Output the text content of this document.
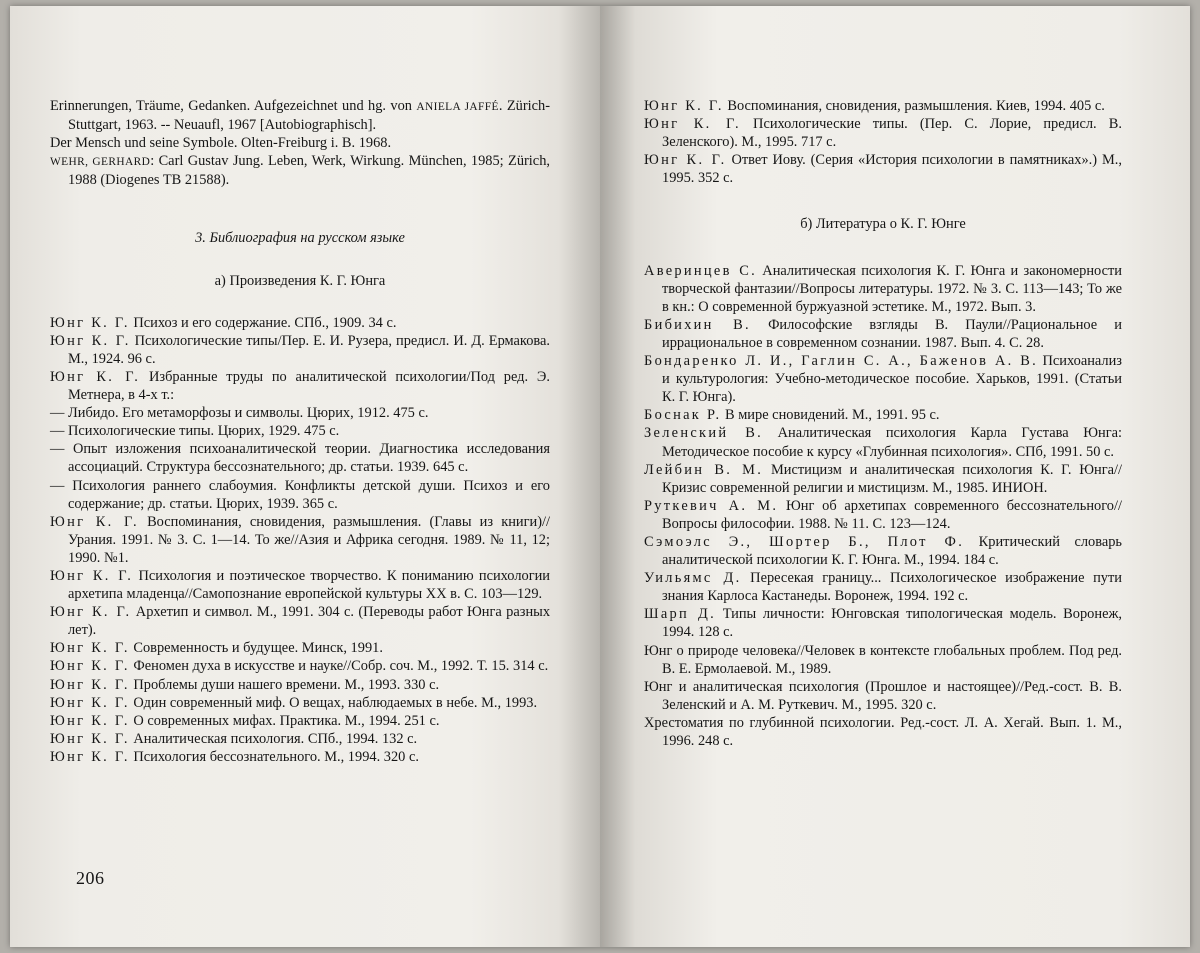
Erinnerungen, Träume, Gedanken. Aufgezeichnet und hg. von ANIELA JAFFÉ. Zürich-Stuttgart, 1963. -- Neuaufl, 1967 [Autobiographisch].
Der Mensch und seine Symbole. Olten-Freiburg i. B. 1968.
WEHR, GERHARD: Carl Gustav Jung. Leben, Werk, Wirkung. München, 1985; Zürich, 1988 (Diogenes TB 21588).
3. Библиография на русском языке
а) Произведения К. Г. Юнга
Юнг К. Г. Психоз и его содержание. СПб., 1909. 34 с.
Юнг К. Г. Психологические типы/Пер. Е. И. Рузера, предисл. И. Д. Ермакова. М., 1924. 96 с.
Юнг К. Г. Избранные труды по аналитической психологии/Под ред. Э. Метнера, в 4-х т.:
— Либидо. Его метаморфозы и символы. Цюрих, 1912. 475 с.
— Психологические типы. Цюрих, 1929. 475 с.
— Опыт изложения психоаналитической теории. Диагностика исследования ассоциаций. Структура бессознательного; др. статьи. 1939. 645 с.
— Психология раннего слабоумия. Конфликты детской души. Психоз и его содержание; др. статьи. Цюрих, 1939. 365 с.
Юнг К. Г. Воспоминания, сновидения, размышления. (Главы из книги)//Урания. 1991. № 3. С. 1—14. То же//Азия и Африка сегодня. 1989. № 11, 12; 1990. №1.
Юнг К. Г. Психология и поэтическое творчество. К пониманию психологии архетипа младенца//Самопознание европейской культуры XX в. С. 103—129.
Юнг К. Г. Архетип и символ. М., 1991. 304 с. (Переводы работ Юнга разных лет).
Юнг К. Г. Современность и будущее. Минск, 1991.
Юнг К. Г. Феномен духа в искусстве и науке//Собр. соч. М., 1992. Т. 15. 314 с.
Юнг К. Г. Проблемы души нашего времени. М., 1993. 330 с.
Юнг К. Г. Один современный миф. О вещах, наблюдаемых в небе. М., 1993.
Юнг К. Г. О современных мифах. Практика. М., 1994. 251 с.
Юнг К. Г. Аналитическая психология. СПб., 1994. 132 с.
Юнг К. Г. Психология бессознательного. М., 1994. 320 с.
206
Юнг К. Г. Воспоминания, сновидения, размышления. Киев, 1994. 405 с.
Юнг К. Г. Психологические типы. (Пер. С. Лорие, предисл. В. Зеленского). М., 1995. 717 с.
Юнг К. Г. Ответ Иову. (Серия «История психологии в памятниках».) М., 1995. 352 с.
б) Литература о К. Г. Юнге
Аверинцев С. Аналитическая психология К. Г. Юнга и закономерности творческой фантазии//Вопросы литературы. 1972. № 3. С. 113—143; То же в кн.: О современной буржуазной эстетике. М., 1972. Вып. 3.
Бибихин В. Философские взгляды В. Паули//Рациональное и иррациональное в современном сознании. 1987. Вып. 4. С. 28.
Бондаренко Л. И., Гаглин С. А., Баженов А. В. Психоанализ и культурология: Учебно-методическое пособие. Харьков, 1991. (Статьи К. Г. Юнга).
Боснак Р. В мире сновидений. М., 1991. 95 с.
Зеленский В. Аналитическая психология Карла Густава Юнга: Методическое пособие к курсу «Глубинная психология». СПб, 1991. 50 с.
Лейбин В. М. Мистицизм и аналитическая психология К. Г. Юнга//Кризис современной религии и мистицизм. М., 1985. ИНИОН.
Руткевич А. М. Юнг об архетипах современного бессознательного//Вопросы философии. 1988. № 11. С. 123—124.
Сэмоэлс Э., Шортер Б., Плот Ф. Критический словарь аналитической психологии К. Г. Юнга. М., 1994. 184 с.
Уильямс Д. Пересекая границу... Психологическое изображение пути знания Карлоса Кастанеды. Воронеж, 1994. 192 с.
Шарп Д. Типы личности: Юнговская типологическая модель. Воронеж, 1994. 128 с.
Юнг о природе человека//Человек в контексте глобальных проблем. Под ред. В. Е. Ермолаевой. М., 1989.
Юнг и аналитическая психология (Прошлое и настоящее)//Ред.-сост. В. В. Зеленский и А. М. Руткевич. М., 1995. 320 с.
Хрестоматия по глубинной психологии. Ред.-сост. Л. А. Хегай. Вып. 1. М., 1996. 248 с.
